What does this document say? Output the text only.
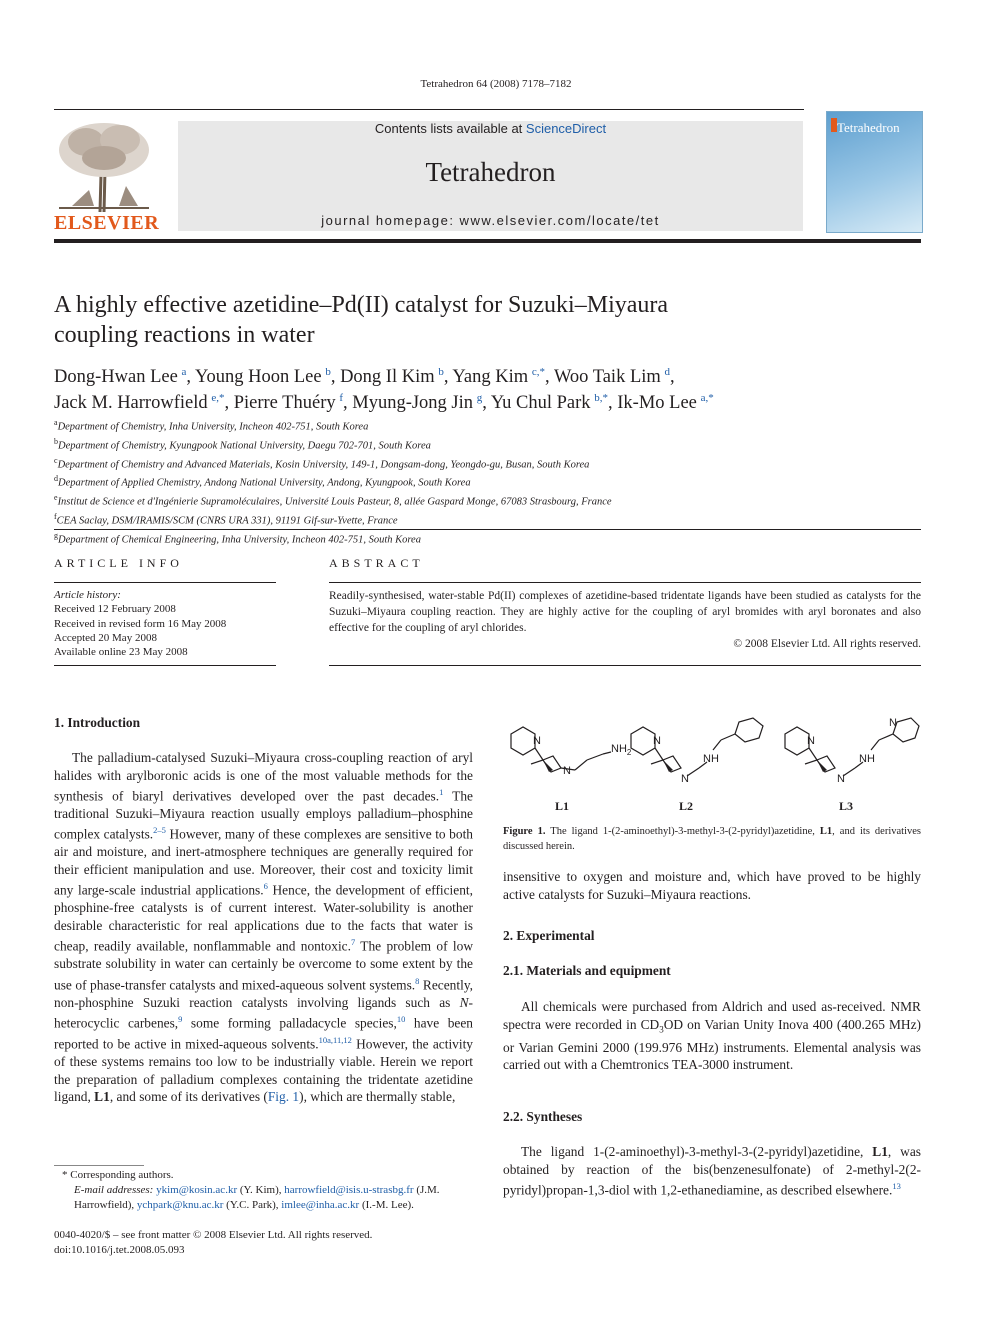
Tetrahedron 64 (2008) 7178–7182
ELSEVIER
Contents lists available at ScienceDirect
Tetrahedron
journal homepage: www.elsevier.com/locate/tet
Tetrahedron
A highly effective azetidine–Pd(II) catalyst for Suzuki–Miyaura
coupling reactions in water
Dong-Hwan Lee  $^a$, Young Hoon Lee  $^b$, Dong Il Kim  $^b$, Yang Kim  $^{c,*}$, Woo Taik Lim  $^d$,
Jack M. Harrowfield  $^{e,*}$, Pierre Thuéry  $^f$, Myung-Jong Jin  $^g$, Yu Chul Park  $^{b,*}$, Ik-Mo Lee  $^{a,*}$
$^a$Department of Chemistry, Inha University, Incheon 402-751, South Korea
$^b$Department of Chemistry, Kyungpook National University, Daegu 702-701, South Korea
$^c$Department of Chemistry and Advanced Materials, Kosin University, 149-1, Dongsam-dong, Yeongdo-gu, Busan, South Korea
$^d$Department of Applied Chemistry, Andong National University, Andong, Kyungpook, South Korea
$^e$Institut de Science et d'Ingénierie Supramoléculaires, Université Louis Pasteur, 8, allée Gaspard Monge, 67083 Strasbourg, France
$^f$CEA Saclay, DSM/IRAMIS/SCM (CNRS URA 331), 91191 Gif-sur-Yvette, France
$^g$Department of Chemical Engineering, Inha University, Incheon 402-751, South Korea
ARTICLE INFO
Article history:
Received 12 February 2008
Received in revised form 16 May 2008
Accepted 20 May 2008
Available online 23 May 2008
ABSTRACT
Readily-synthesised, water-stable Pd(II) complexes of azetidine-based tridentate ligands have been studied as catalysts for the Suzuki–Miyaura coupling reaction. They are highly active for the coupling of aryl bromides with aryl boronates and also effective for the coupling of aryl chlorides.
© 2008 Elsevier Ltd. All rights reserved.
1. Introduction

The palladium-catalysed Suzuki–Miyaura cross-coupling reaction of aryl halides with arylboronic acids is one of the most valuable methods for the synthesis of biaryl derivatives developed over the past decades.$^1$ The traditional Suzuki–Miyaura reaction usually employs palladium–phosphine complex catalysts.$^{2-5}$ However, many of these complexes are sensitive to both air and moisture, and inert-atmosphere techniques are generally required for their efficient manipulation and use. Moreover, their cost and toxicity limit any large-scale industrial applications.$^6$ Hence, the development of efficient, phosphine-free catalysts is of current interest. Water-solubility is another desirable characteristic for real applications due to the facts that water is cheap, readily available, nonflammable and nontoxic.$^7$ The problem of low substrate solubility in water can certainly be overcome to some extent by the use of phase-transfer catalysts and mixed-aqueous solvent systems.$^8$ Recently, non-phosphine Suzuki reaction catalysts involving ligands such as N-heterocyclic carbenes,$^9$ some forming palladacycle species,$^{10}$ have been reported to be active in mixed-aqueous solvents.$^{10a,11,12}$ However, the activity of these systems remains too low to be industrially viable. Herein we report the preparation of palladium complexes containing the tridentate azetidine ligand, L1, and some of its derivatives (Fig. 1), which are thermally stable,

* Corresponding authors.
E-mail addresses: ykim@kosin.ac.kr (Y. Kim), harrowfield@isis.u-strasbg.fr (J.M. Harrowfield), ychpark@knu.ac.kr (Y.C. Park), imlee@inha.ac.kr (I.-M. Lee).
0040-4020/$ – see front matter © 2008 Elsevier Ltd. All rights reserved.
doi:10.1016/j.tet.2008.05.093
N
N
$NH_2$
N
N
NH
N
N
NH
N
L1	L2	L3
Figure 1. The ligand 1-(2-aminoethyl)-3-methyl-3-(2-pyridyl)azetidine, L1, and its derivatives discussed herein.

insensitive to oxygen and moisture and, which have proved to be highly active catalysts for Suzuki–Miyaura reactions.

2. Experimental
2.1. Materials and equipment

All chemicals were purchased from Aldrich and used as-received. NMR spectra were recorded in $CD_3OD$ on Varian Unity Inova 400 (400.265 MHz) or Varian Gemini 2000 (199.976 MHz) instruments. Elemental analysis was carried out with a Chemtronics TEA-3000 instrument.

2.2. Syntheses

The ligand 1-(2-aminoethyl)-3-methyl-3-(2-pyridyl)azetidine, L1, was obtained by reaction of the bis(benzenesulfonate) of 2-methyl-2(2-pyridyl)propan-1,3-diol with 1,2-ethanediamine, as described elsewhere.$^{13}$
